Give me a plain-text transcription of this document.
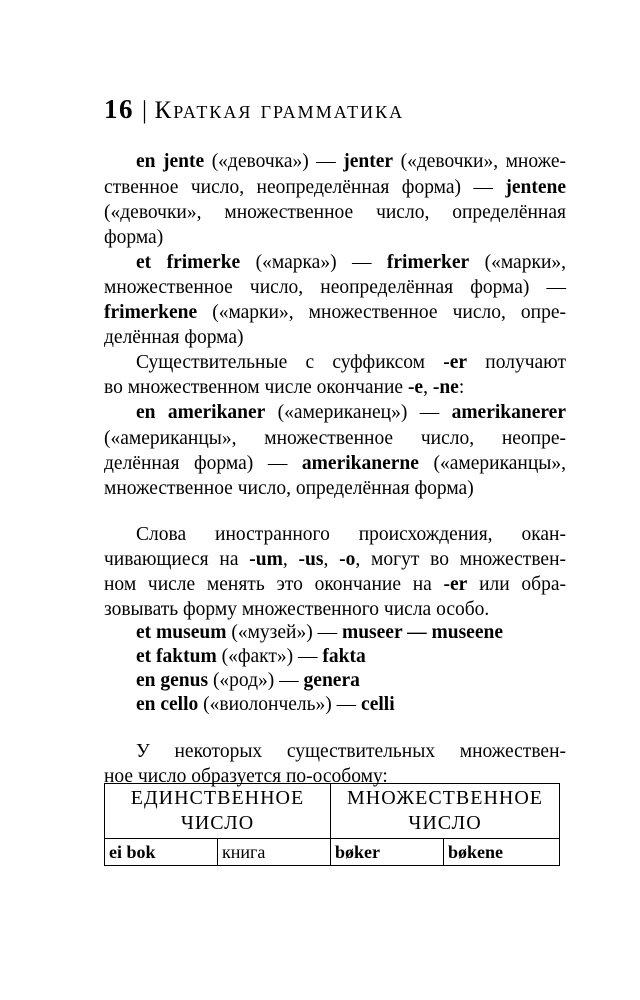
16 | Краткая грамматика
en jente («девочка») — jenter («девочки», множе-
ственное число, неопределённая форма) — jentene
(«девочки», множественное число, определённая
форма)
et frimerke («марка») — frimerker («марки»,
множественное число, неопределённая форма) —
frimerkene («марки», множественное число, опре-
делённая форма)
Существительные с суффиксом -er получают
во множественном числе окончание -e, -ne:
en amerikaner («американец») — amerikanerer
(«американцы», множественное число, неопре-
делённая форма) — amerikanerne («американцы»,
множественное число, определённая форма)
Слова иностранного происхождения, окан-
чивающиеся на -um, -us, -o, могут во множествен-
ном числе менять это окончание на -er или обра-
зовывать форму множественного числа особо.
et museum («музей») — museer — museene
et faktum («факт») — fakta
en genus («род») — genera
en cello («виолончель») — celli
У некоторых существительных множествен-
ное число образуется по-особому:
ЕДИНСТВЕННОЕ
ЧИСЛО		МНОЖЕСТВЕННОЕ
ЧИСЛО	
ei bok	книга	bøker	bøkene
